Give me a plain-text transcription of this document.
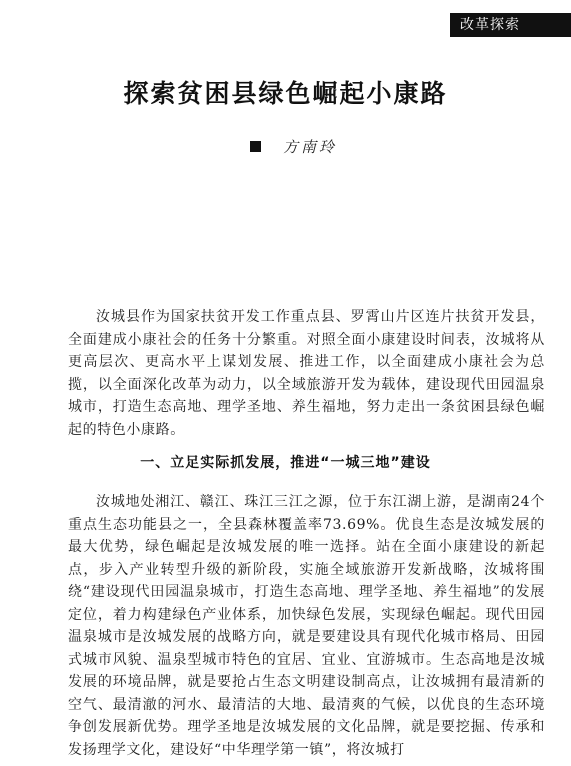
改革探索
探索贫困县绿色崛起小康路
方南玲

汝城县作为国家扶贫开发工作重点县、罗霄山片区连片扶贫开发县，全面建成小康社会的任务十分繁重。对照全面小康建设时间表，汝城将从更高层次、更高水平上谋划发展、推进工作，以全面建成小康社会为总揽，以全面深化改革为动力，以全域旅游开发为载体，建设现代田园温泉城市，打造生态高地、理学圣地、养生福地，努力走出一条贫困县绿色崛起的特色小康路。

一、立足实际抓发展，推进“一城三地”建设

汝城地处湘江、赣江、珠江三江之源，位于东江湖上游，是湖南24个重点生态功能县之一，全县森林覆盖率73.69%。优良生态是汝城发展的最大优势，绿色崛起是汝城发展的唯一选择。站在全面小康建设的新起点，步入产业转型升级的新阶段，实施全域旅游开发新战略，汝城将围绕“建设现代田园温泉城市，打造生态高地、理学圣地、养生福地”的发展定位，着力构建绿色产业体系，加快绿色发展，实现绿色崛起。现代田园温泉城市是汝城发展的战略方向，就是要建设具有现代化城市格局、田园式城市风貌、温泉型城市特色的宜居、宜业、宜游城市。生态高地是汝城发展的环境品牌，就是要抢占生态文明建设制高点，让汝城拥有最清新的空气、最清澈的河水、最清洁的大地、最清爽的气候，以优良的生态环境争创发展新优势。理学圣地是汝城发展的文化品牌，就是要挖掘、传承和发扬理学文化，建设好“中华理学第一镇”，将汝城打
